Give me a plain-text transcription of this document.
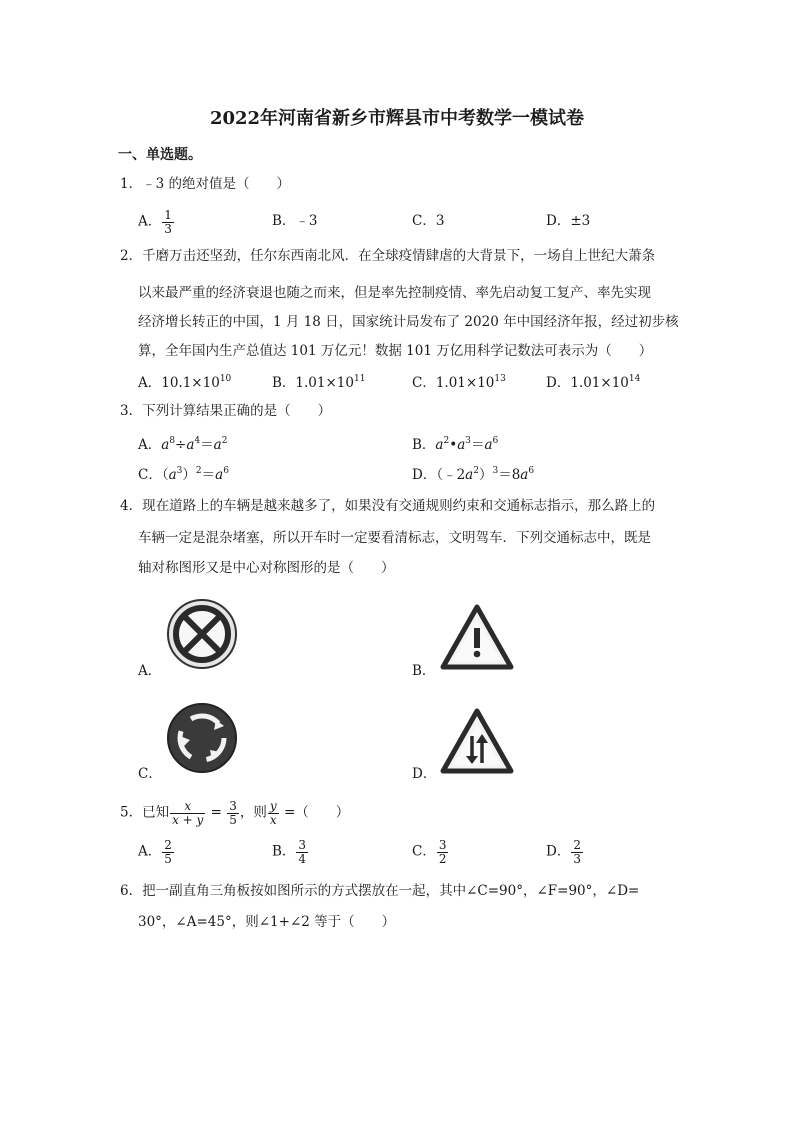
2022年河南省新乡市辉县市中考数学一模试卷
一、单选题。
1．﹣3 的绝对值是（　　）
A． $\frac{1}{3}$	B．﹣3	C．3	D．±3
2．千磨万击还坚劲，任尔东西南北风．在全球疫情肆虐的大背景下，一场自上世纪大萧条
以来最严重的经济衰退也随之而来，但是率先控制疫情、率先启动复工复产、率先实现
经济增长转正的中国，1 月 18 日，国家统计局发布了 2020 年中国经济年报，经过初步核
算，全年国内生产总值达 101 万亿元！数据 101 万亿用科学记数法可表示为（　　）
A．$10.1\times 10^{10}$	B．$1.01\times 10^{11}$	C．$1.01\times 10^{13}$	D．$1.01\times 10^{14}$
3．下列计算结果正确的是（　　）
A．$a^8\div a^4=a^2$	B．$a^2•a^3=a^6$
C．$(a^3)^2=a^6$	D．$(﹣2a^2)^3=8a^6$
4．现在道路上的车辆是越来越多了，如果没有交通规则约束和交通标志指示，那么路上的
车辆一定是混杂堵塞，所以开车时一定要看清标志，文明驾车．下列交通标志中，既是
轴对称图形又是中心对称图形的是（　　）
A．	B．
C．	D．
5．已知 $\frac{x}{x + y} = \frac{3}{5}$ ，则 $\frac{y}{x}$ =（　　）
A． $\frac{2}{5}$	B． $\frac{3}{4}$	C． $\frac{3}{2}$	D． $\frac{2}{3}$
6．把一副直角三角板按如图所示的方式摆放在一起，其中∠C=90°，∠F=90°，∠D=
30°，∠A=45°，则∠1+∠2 等于（　　）
